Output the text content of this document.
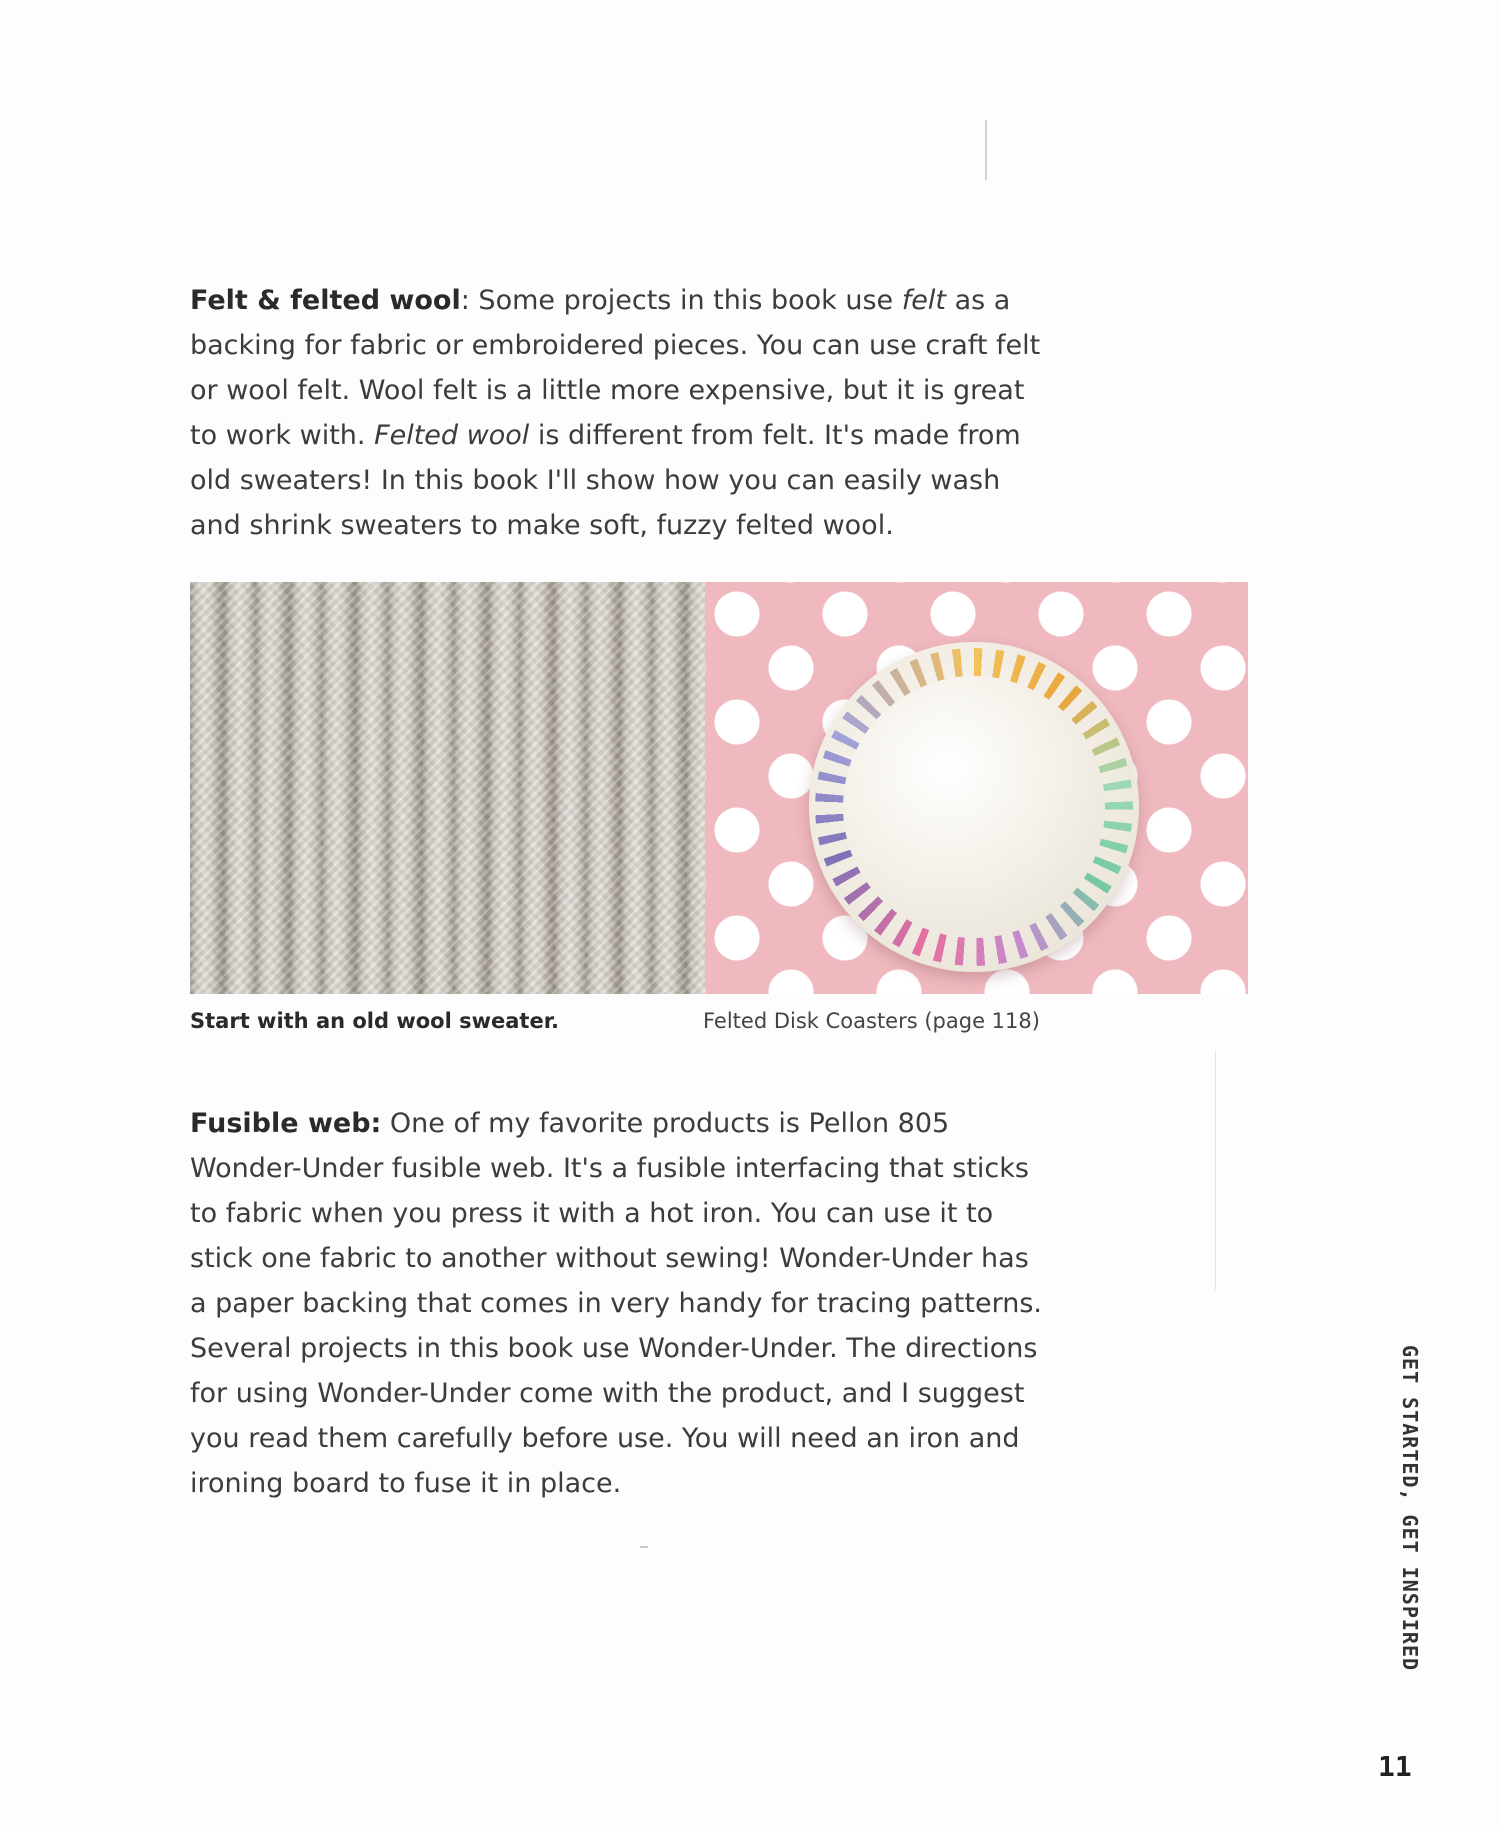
Felt & felted wool: Some projects in this book use felt as a backing for fabric or embroidered pieces. You can use craft felt or wool felt. Wool felt is a little more expensive, but it is great to work with. Felted wool is different from felt. It's made from old sweaters! In this book I'll show how you can easily wash and shrink sweaters to make soft, fuzzy felted wool.

Start with an old wool sweater.	Felted Disk Coasters (page 118)

Fusible web: One of my favorite products is Pellon 805 Wonder-Under fusible web. It's a fusible interfacing that sticks to fabric when you press it with a hot iron. You can use it to stick one fabric to another without sewing! Wonder-Under has a paper backing that comes in very handy for tracing patterns. Several projects in this book use Wonder-Under. The directions for using Wonder-Under come with the product, and I suggest you read them carefully before use. You will need an iron and ironing board to fuse it in place.	GET STARTED, GET INSPIRED
11
